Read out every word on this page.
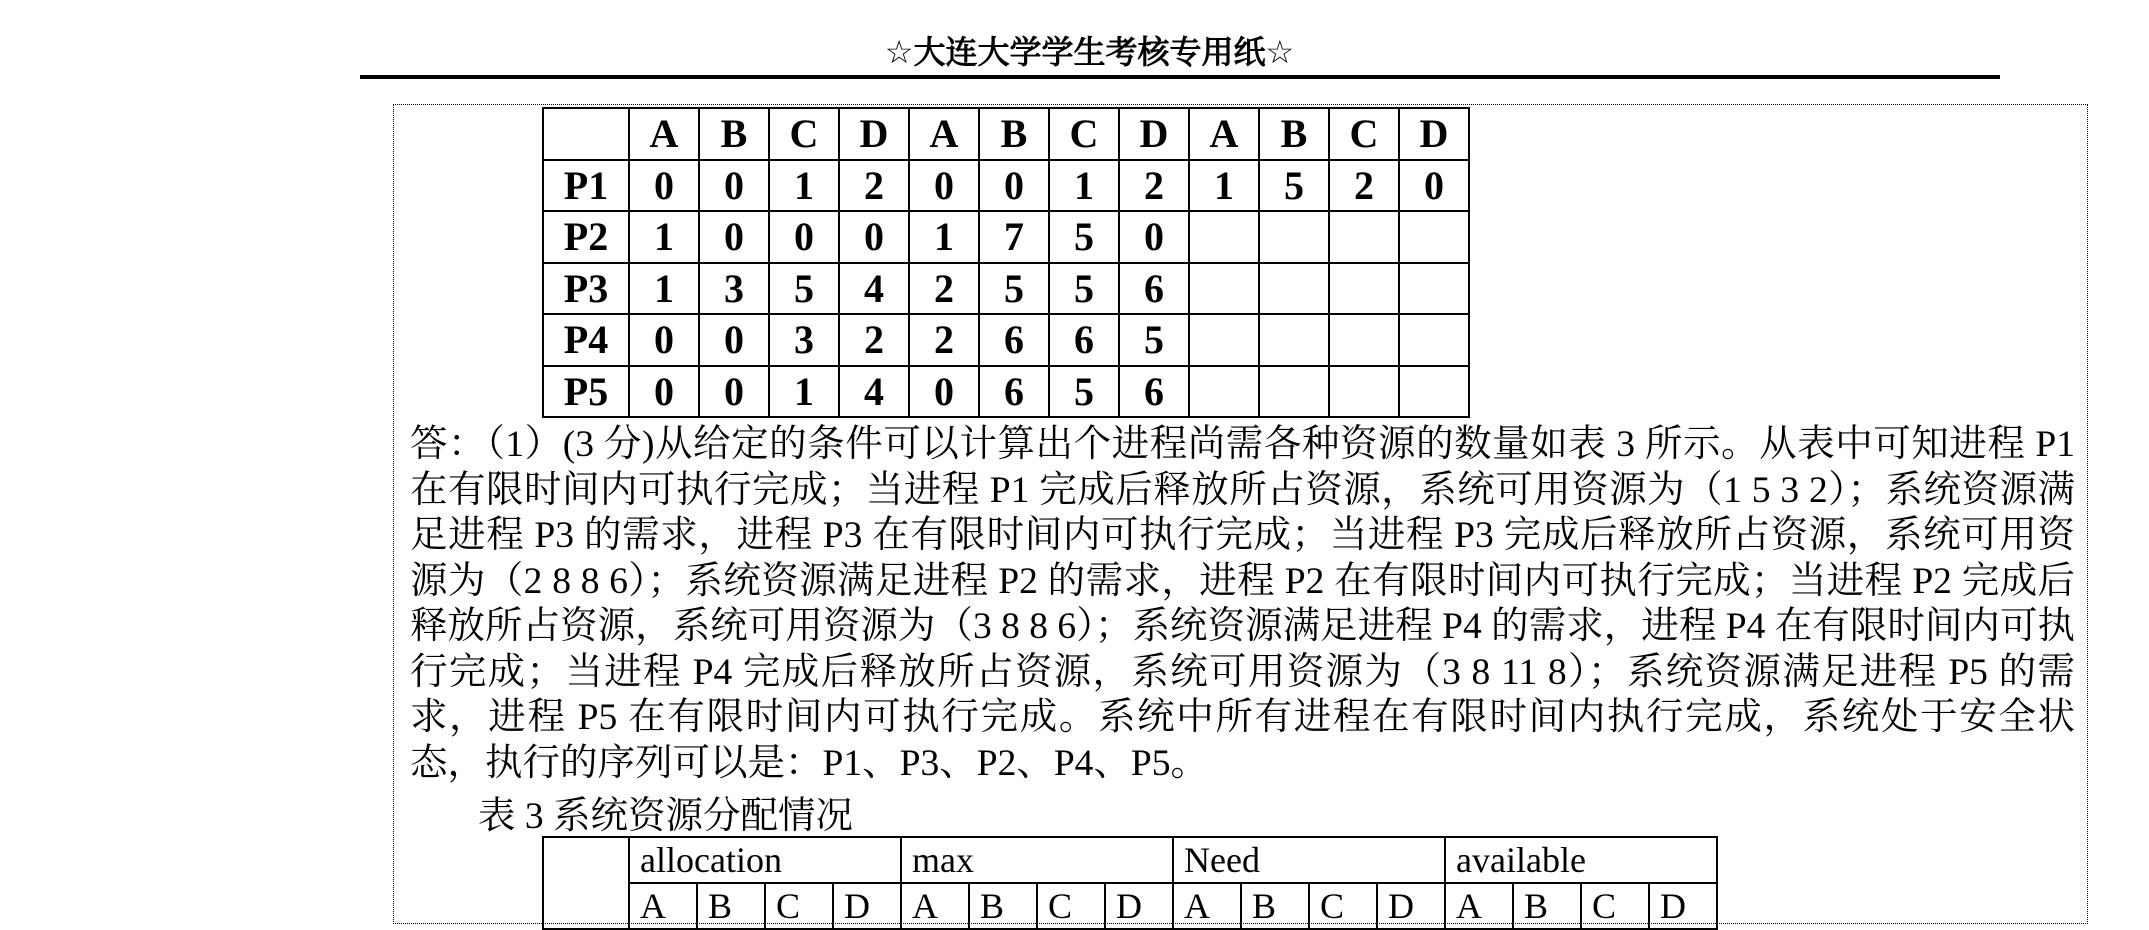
☆大连大学学生考核专用纸☆
	A	B	C	D	A	B	C	D	A	B	C	D
P1	0	0	1	2	0	0	1	2	1	5	2	0
P2	1	0	0	0	1	7	5	0				
P3	1	3	5	4	2	5	5	6				
P4	0	0	3	2	2	6	6	5				
P5	0	0	1	4	0	6	5	6				
答：（1）(3 分)从给定的条件可以计算出个进程尚需各种资源的数量如表 3 所示。从表中可知进程 P1 在有限时间内可执行完成；当进程 P1 完成后释放所占资源，系统可用资源为（1 5 3 2）；系统资源满足进程 P3 的需求，进程 P3 在有限时间内可执行完成；当进程 P3 完成后释放所占资源，系统可用资源为（2 8 8 6）；系统资源满足进程 P2 的需求，进程 P2 在有限时间内可执行完成；当进程 P2 完成后释放所占资源，系统可用资源为（3 8 8 6）；系统资源满足进程 P4 的需求，进程 P4 在有限时间内可执行完成；当进程 P4 完成后释放所占资源，系统可用资源为（3 8 11 8）；系统资源满足进程 P5 的需求，进程 P5 在有限时间内可执行完成。系统中所有进程在有限时间内执行完成，系统处于安全状态，执行的序列可以是：P1、P3、P2、P4、P5。
表 3 系统资源分配情况
	allocation				max				Need				available			
	A	B	C	D	A	B	C	D	A	B	C	D	A	B	C	D
